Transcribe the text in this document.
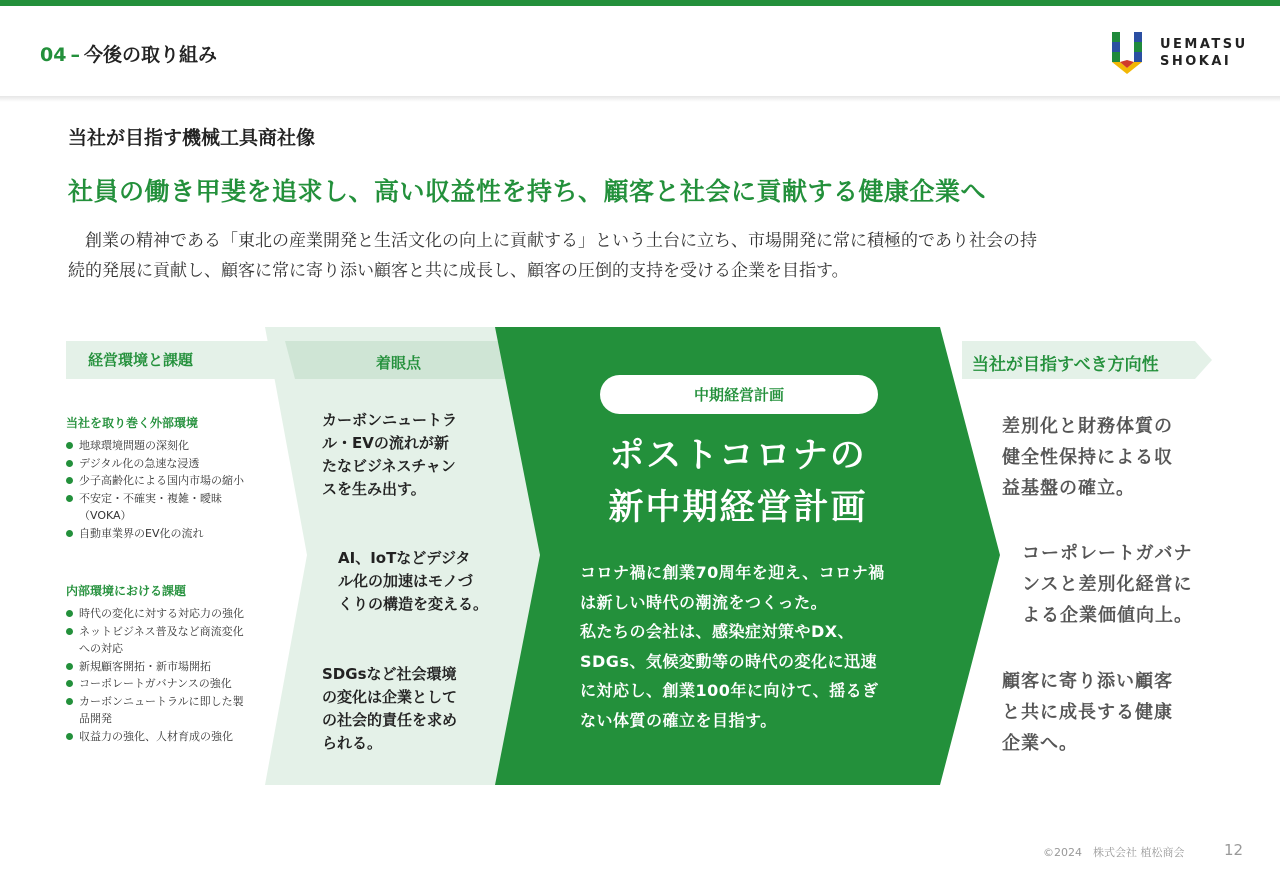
04 – 今後の取り組み	UEMATSU
SHOKAI
当社が目指す機械工具商社像
社員の働き甲斐を追求し、高い収益性を持ち、顧客と社会に貢献する健康企業へ

　創業の精神である「東北の産業開発と生活文化の向上に貢献する」という土台に立ち、市場開発に常に積極的であり社会の持

続的発展に貢献し、顧客に常に寄り添い顧客と共に成長し、顧客の圧倒的支持を受ける企業を目指す。

経営環境と課題	着眼点	当社が目指すべき方向性
当社を取り巻く外部環境
地球環境問題の深刻化
デジタル化の急速な浸透
少子高齢化による国内市場の縮小
不安定・不確実・複雑・曖昧
（VOKA）
自動車業界のEV化の流れ
内部環境における課題
時代の変化に対する対応力の強化
ネットビジネス普及など商流変化
への対応
新規顧客開拓・新市場開拓
コーポレートガバナンスの強化
カーボンニュートラルに即した製
品開発
収益力の強化、人材育成の強化
カーボンニュートラ
ル・EVの流れが新
たなビジネスチャン
スを生み出す。
AI、IoTなどデジタ
ル化の加速はモノづ
くりの構造を変える。
SDGsなど社会環境
の変化は企業として
の社会的責任を求め
られる。
中期経営計画
ポストコロナの
新中期経営計画
コロナ禍に創業70周年を迎え、コロナ禍
は新しい時代の潮流をつくった。
私たちの会社は、感染症対策やDX、
SDGs、気候変動等の時代の変化に迅速
に対応し、創業100年に向けて、揺るぎ
ない体質の確立を目指す。
差別化と財務体質の
健全性保持による収
益基盤の確立。
コーポレートガバナ
ンスと差別化経営に
よる企業価値向上。
顧客に寄り添い顧客
と共に成長する健康
企業へ。
©2024　株式会社 植松商会	12
